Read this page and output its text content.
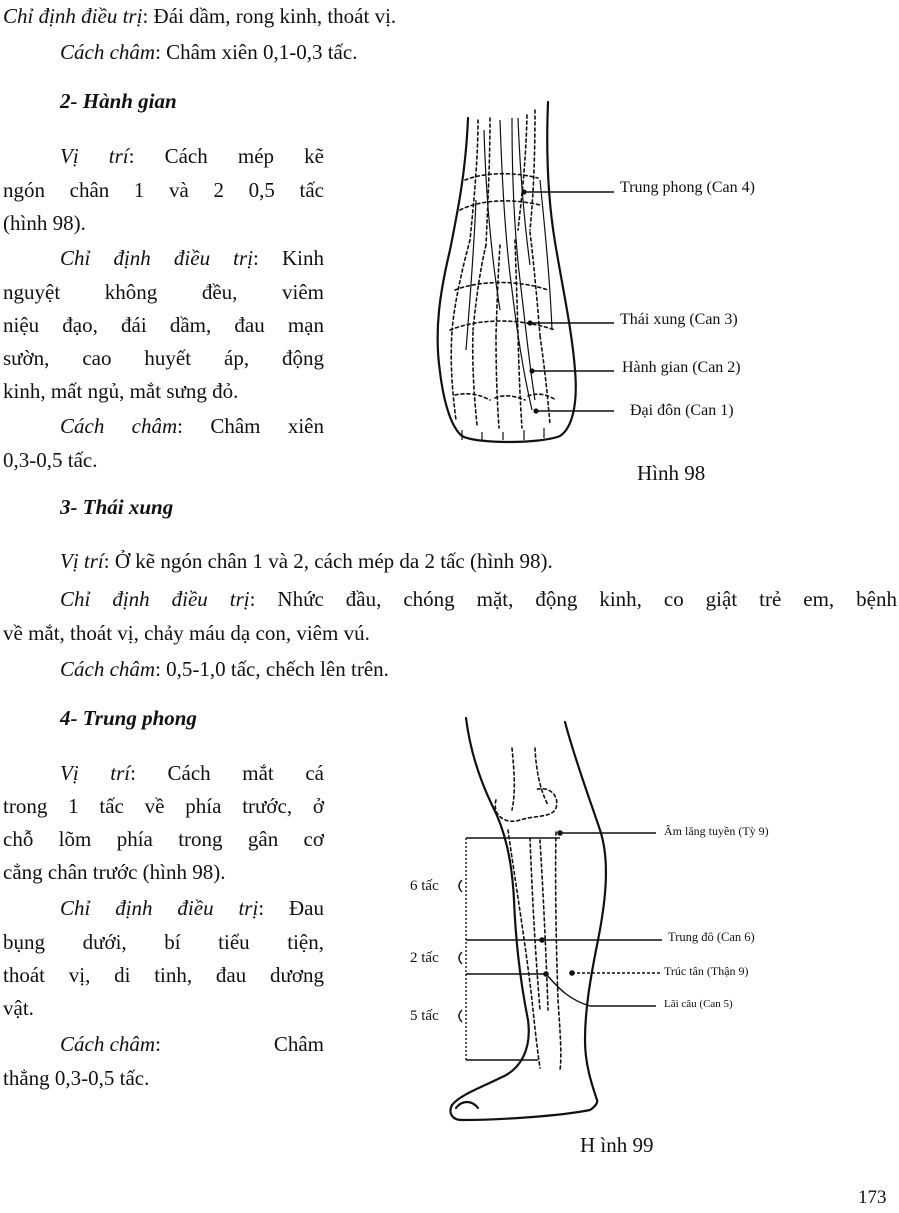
Chỉ định điều trị: Đái dầm, rong kinh, thoát vị.
Cách châm: Châm xiên 0,1-0,3 tấc.
2- Hành gian
Vị trí: Cách mép kẽ
ngón chân 1 và 2 0,5 tấc
(hình 98).
Chỉ định điều trị: Kinh
nguyệt không đều, viêm
niệu đạo, đái dầm, đau mạn
sườn, cao huyết áp, động
kinh, mất ngủ, mắt sưng đỏ.
Cách châm: Châm xiên
0,3-0,5 tấc.
3- Thái xung
Vị trí: Ở kẽ ngón chân 1 và 2, cách mép da 2 tấc (hình 98).
Chỉ định điều trị: Nhức đầu, chóng mặt, động kinh, co giật trẻ em, bệnh
về mắt, thoát vị, chảy máu dạ con, viêm vú.
Cách châm: 0,5-1,0 tấc, chếch lên trên.
4- Trung phong
Vị trí: Cách mắt cá
trong 1 tấc về phía trước, ở
chỗ lõm phía trong gân cơ
cẳng chân trước (hình 98).
Chỉ định điều trị: Đau
bụng dưới, bí tiểu tiện,
thoát vị, di tinh, đau dương
vật.
Cách châm:	Châm
thẳng 0,3-0,5 tấc.
Trung phong (Can 4)
Thái xung (Can 3)
Hành gian (Can 2)
Đại đôn (Can 1)
Hình 98
Âm lăng tuyền (Tỳ 9)
Trung đô (Can 6)
Trúc tân (Thận 9)
Lãi câu (Can 5)
6 tấc
2 tấc
5 tấc
H ình 99
173
